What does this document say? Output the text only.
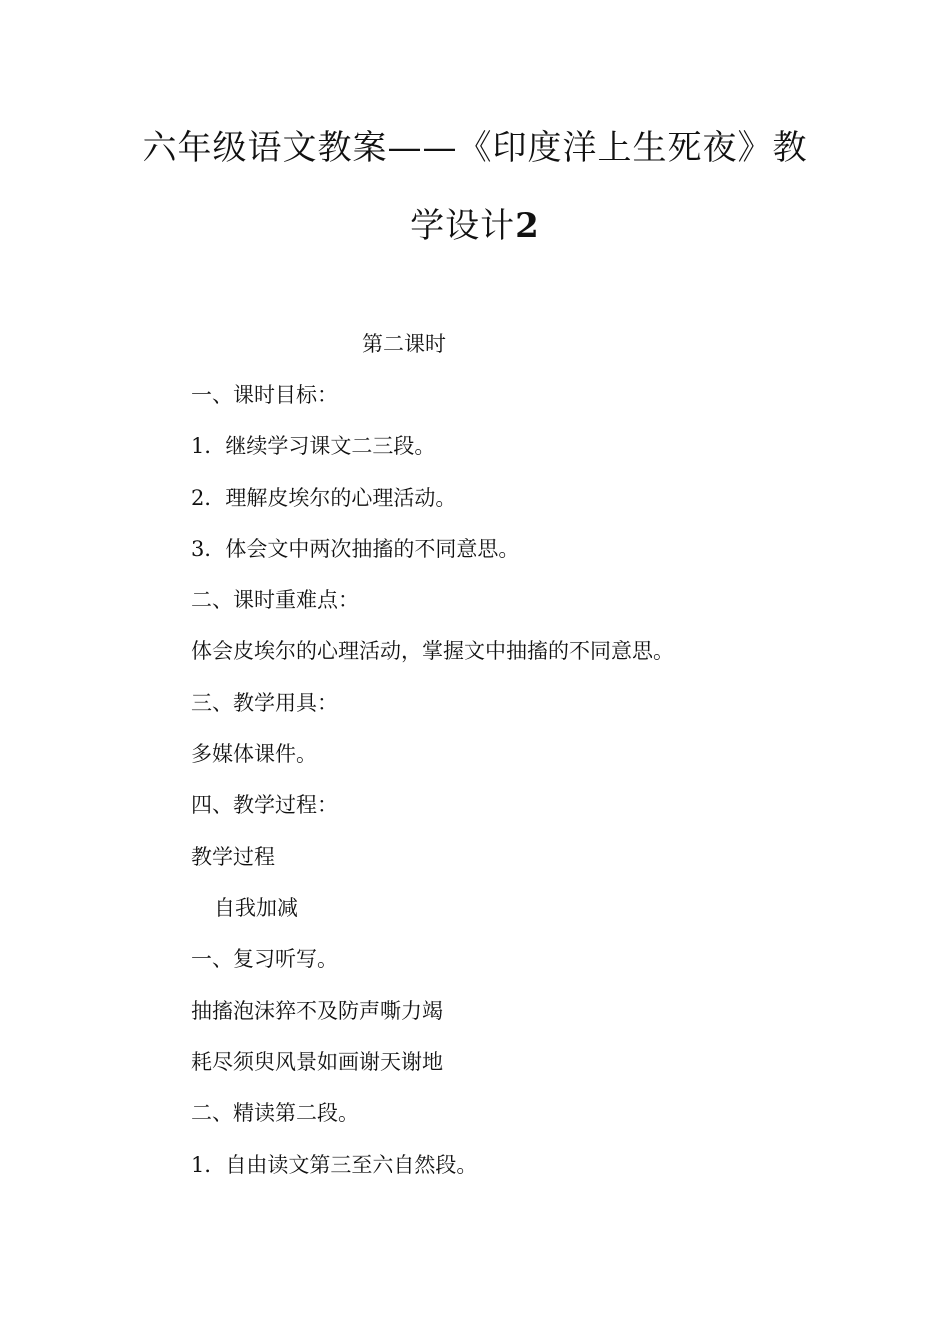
六年级语文教案——《印度洋上生死夜》教
学设计2
第二课时
一、课时目标：
1．继续学习课文二三段。
2．理解皮埃尔的心理活动。
3．体会文中两次抽搐的不同意思。
二、课时重难点：
体会皮埃尔的心理活动，掌握文中抽搐的不同意思。
三、教学用具：
多媒体课件。
四、教学过程：
教学过程
自我加减
一、复习听写。
抽搐泡沫猝不及防声嘶力竭
耗尽须臾风景如画谢天谢地
二、精读第二段。
1．自由读文第三至六自然段。
